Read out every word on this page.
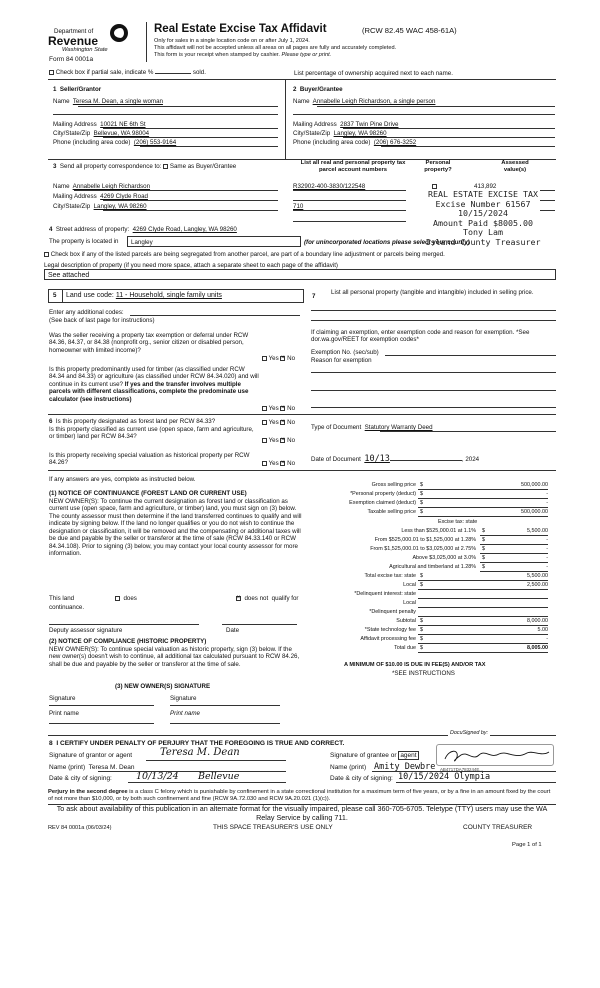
Department of
Revenue
Washington State
Form 84 0001a
Real Estate Excise Tax Affidavit	(RCW 82.45 WAC 458-61A)
Only for sales in a single location code on or after July 1, 2024.
This affidavit will not be accepted unless all areas on all pages are fully and accurately completed.
This form is your receipt when stamped by cashier. Please type or print.
Check box if partial sale, indicate %	sold.	List percentage of ownership acquired next to each name.
1 Seller/Grantor
Name Teresa M. Dean, a single woman
Mailing Address 10021 NE 6th St
City/State/Zip Bellevue, WA 98004
Phone (including area code) (206) 553-9164
2 Buyer/Grantee
Name Annabelle Leigh Richardson, a single person
Mailing Address 2837 Twin Pine Drive
City/State/Zip Langley, WA 98260
Phone (including area code) (206) 676-3252
3 Send all property correspondence to: Same as Buyer/Grantee
Name Annabelle Leigh Richardson
Mailing Address 4269 Clyde Road
City/State/Zip Langley, WA 98260
List all real and personal property tax parcel account numbers
Personal property?
Assessed value(s)
R32902-400-3830/122548	413,892
710
REAL ESTATE EXCISE TAX
Excise Number 61567
10/15/2024
Amount Paid $8005.00
Tony Lam
Island County Treasurer
4 Street address of property: 4269 Clyde Road, Langley, WA 98260
The property is located in Langley	(for unincorporated locations please select your county)
Check box if any of the listed parcels are being segregated from another parcel, are part of a boundary line adjustment or parcels being merged.
Legal description of property (if you need more space, attach a separate sheet to each page of the affidavit)
See attached
5 Land use code: 11 - Household, single family units
Enter any additional codes:
(See back of last page for instructions)
Was the seller receiving a property tax exemption or deferral under RCW 84.36, 84.37, or 84.38 (nonprofit org., senior citizen or disabled person, homeowner with limited income)?
Yes × No
Is this property predominantly used for timber (as classified under RCW 84.34 and 84.33) or agriculture (as classified under RCW 84.34.020) and will continue in its current use? If yes and the transfer involves multiple parcels with different classifications, complete the predominate use calculator (see instructions)
Yes × No
7
List all personal property (tangible and intangible) included in selling price.
If claiming an exemption, enter exemption code and reason for exemption. *See dor.wa.gov/REET for exemption codes*
Exemption No. (sec/sub)
Reason for exemption
6 Is this property designated as forest land per RCW 84.33?	Yes × No
Is this property classified as current use (open space, farm and agriculture, or timber) land per RCW 84.34?
Yes × No
Is this property receiving special valuation as historical property per RCW 84.26?	Yes × No
Type of Document Statutory Warranty Deed
Date of Document 10/13	, 2024
If any answers are yes, complete as instructed below.
(1) NOTICE OF CONTINUANCE (FOREST LAND OR CURRENT USE)
NEW OWNER(S): To continue the current designation as forest land or classification as current use (open space, farm and agriculture, or timber) land, you must sign on (3) below. The county assessor must then determine if the land transferred continues to qualify and will indicate by signing below. If the land no longer qualifies or you do not wish to continue the designation or classification, it will be removed and the compensating or additional taxes will be due and payable by the seller or transferor at the time of sale (RCW 84.33.140 or RCW 84.34.108). Prior to signing (3) below, you may contact your local county assessor for more information.
This land	does ×	does not qualify for
continuance.
Deputy assessor signature	Date
(2) NOTICE OF COMPLIANCE (HISTORIC PROPERTY)
NEW OWNER(S): To continue special valuation as historic property, sign (3) below. If the new owner(s) doesn't wish to continue, all additional tax calculated pursuant to RCW 84.26, shall be due and payable by the seller or transferor at the time of sale.
(3) NEW OWNER(S) SIGNATURE
Signature	Signature
Print name	Print name
Gross selling price $	500,000.00
*Personal property (deduct) $	-
Exemption claimed (deduct) $	-
Taxable selling price $	500,000.00
Excise tax: state
Less than $525,000.01 at 1.1% $	5,500.00
From $525,000.01 to $1,525,000 at 1.28% $	-
From $1,525,000.01 to $3,025,000 at 2.75% $	-
Above $3,025,000 at 3.0% $	-
Agricultural and timberland at 1.28% $	-
Total excise tax: state $	5,500.00
Local $	2,500.00
*Delinquent interest: state
Local
*Delinquent penalty
Subtotal $	8,000.00
*State technology fee $	5.00
Affidavit processing fee $	-
Total due $	8,005.00
A MINIMUM OF $10.00 IS DUE IN FEE(S) AND/OR TAX
*SEE INSTRUCTIONS
DocuSigned by:
8 I CERTIFY UNDER PENALTY OF PERJURY THAT THE FOREGOING IS TRUE AND CORRECT.
Signature of grantor or agent	Teresa M. Dean
Name (print) Teresa M. Dean
Date & city of signing:	10/13/24 Bellevue
Signature of grantee or agent
AB4717DA783244E...
Name (print) Amity Dewbre
Date & city of signing: 10/15/2024 Olympia
Perjury in the second degree is a class C felony which is punishable by confinement in a state correctional institution for a maximum term of five years, or by a fine in an amount fixed by the court of not more than $10,000, or by both such confinement and fine (RCW 9A.72.030 and RCW 9A.20.021 (1)(c)).
To ask about availability of this publication in an alternate format for the visually impaired, please call 360-705-6705. Teletype (TTY) users may use the WA Relay Service by calling 711.
REV 84 0001a (06/03/24)	THIS SPACE TREASURER'S USE ONLY	COUNTY TREASURER
Page 1 of 1
